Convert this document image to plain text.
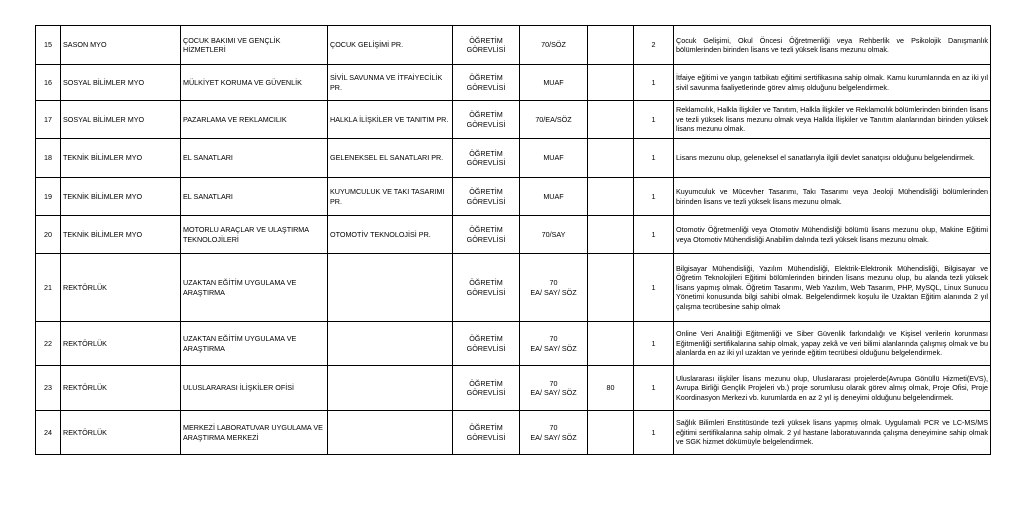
15	SASON MYO	ÇOCUK BAKIMI VE GENÇLİK HİZMETLERİ	ÇOCUK GELİŞİMİ PR.	ÖĞRETİM
GÖREVLİSİ	70/SÖZ		2	Çocuk Gelişimi, Okul Öncesi Öğretmenliği veya Rehberlik ve Psikolojik Danışmanlık bölümlerinden birinden lisans ve tezli yüksek lisans mezunu olmak.
16	SOSYAL BİLİMLER MYO	MÜLKİYET KORUMA VE GÜVENLİK	SİVİL SAVUNMA VE İTFAİYECİLİK PR.	ÖĞRETİM
GÖREVLİSİ	MUAF		1	İtfaiye eğitimi ve yangın tatbikatı eğitimi sertifikasına sahip olmak. Kamu kurumlarında en az iki yıl sivil savunma faaliyetlerinde görev almış olduğunu belgelendirmek.
17	SOSYAL BİLİMLER MYO	PAZARLAMA VE REKLAMCILIK	HALKLA İLİŞKİLER VE TANITIM PR.	ÖĞRETİM
GÖREVLİSİ	70/EA/SÖZ		1	Reklamcılık, Halkla İlişkiler ve Tanıtım, Halkla İlişkiler ve Reklamcılık bölümlerinden birinden lisans ve tezli yüksek lisans mezunu olmak veya Halkla İlişkiler ve Tanıtım alanlarından birinden yüksek lisans mezunu olmak.
18	TEKNİK BİLİMLER MYO	EL SANATLARI	GELENEKSEL EL SANATLARI PR.	ÖĞRETİM
GÖREVLİSİ	MUAF		1	Lisans mezunu olup, geleneksel el sanatlarıyla ilgili devlet sanatçısı olduğunu belgelendirmek.
19	TEKNİK BİLİMLER MYO	EL SANATLARI	KUYUMCULUK VE TAKI TASARIMI PR.	ÖĞRETİM
GÖREVLİSİ	MUAF		1	Kuyumculuk ve Mücevher Tasarımı, Takı Tasarımı veya Jeoloji Mühendisliği bölümlerinden birinden lisans ve tezli yüksek lisans mezunu olmak.
20	TEKNİK BİLİMLER MYO	MOTORLU ARAÇLAR VE ULAŞTIRMA TEKNOLOJİLERİ	OTOMOTİV TEKNOLOJİSİ PR.	ÖĞRETİM
GÖREVLİSİ	70/SAY		1	Otomotiv Öğretmenliği veya Otomotiv Mühendisliği bölümü lisans mezunu olup, Makine Eğitimi veya Otomotiv Mühendisliği Anabilim dalında tezli yüksek lisans mezunu olmak.
21	REKTÖRLÜK	UZAKTAN EĞİTİM UYGULAMA VE ARAŞTIRMA		ÖĞRETİM
GÖREVLİSİ	70
EA/ SAY/ SÖZ		1	Bilgisayar Mühendisliği, Yazılım Mühendisliği, Elektrik-Elektronik Mühendisliği, Bilgisayar ve Öğretim Teknolojileri Eğitimi bölümlerinden birinden lisans mezunu olup, bu alanda tezli yüksek lisans yapmış olmak. Öğretim Tasarımı, Web Yazılım, Web Tasarım, PHP, MySQL, Linux Sunucu Yönetimi konusunda bilgi sahibi olmak. Belgelendirmek koşulu ile Uzaktan Eğitim alanında 2 yıl çalışma tecrübesine sahip olmak
22	REKTÖRLÜK	UZAKTAN EĞİTİM UYGULAMA VE ARAŞTIRMA		ÖĞRETİM
GÖREVLİSİ	70
EA/ SAY/ SÖZ		1	Online Veri Analitiği Eğitmenliği ve Siber Güvenlik farkındalığı ve Kişisel verilerin korunması Eğitmenliği sertifikalarına sahip olmak, yapay zekâ ve veri bilimi alanlarında çalışmış olmak ve bu alanlarda en az iki yıl uzaktan ve yerinde eğitim tecrübesi olduğunu belgelendirmek.
23	REKTÖRLÜK	ULUSLARARASI İLİŞKİLER OFİSİ		ÖĞRETİM
GÖREVLİSİ	70
EA/ SAY/ SÖZ	80	1	Uluslararası ilişkiler lisans mezunu olup, Uluslararası projelerde(Avrupa Gönüllü Hizmeti(EVS), Avrupa Birliği Gençlik Projeleri vb.) proje sorumlusu olarak görev almış olmak, Proje Ofisi, Proje Koordinasyon Merkezi vb. kurumlarda en az 2 yıl iş deneyimi olduğunu belgelendirmek.
24	REKTÖRLÜK	MERKEZİ LABORATUVAR UYGULAMA VE ARAŞTIRMA MERKEZİ		ÖĞRETİM
GÖREVLİSİ	70
EA/ SAY/ SÖZ		1	Sağlık Bilimleri Enstitüsünde tezli yüksek lisans yapmış olmak. Uygulamalı PCR ve LC-MS/MS eğitimi sertifikalarına sahip olmak. 2 yıl hastane laboratuvarında çalışma deneyimine sahip olmak ve SGK hizmet dökümüyle belgelendirmek.
